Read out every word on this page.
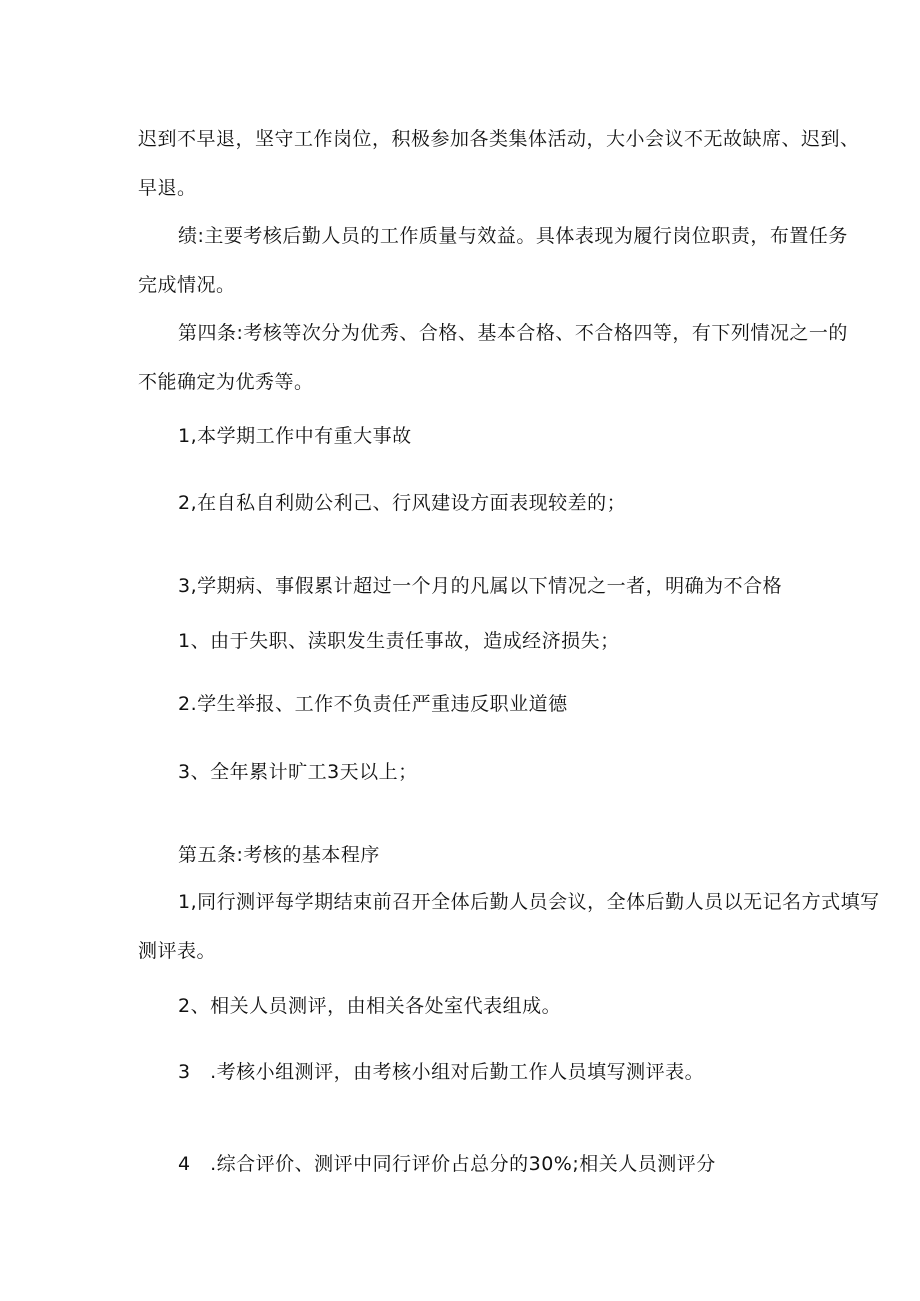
迟到不早退，坚守工作岗位，积极参加各类集体活动，大小会议不无故缺席、迟到、
早退。
绩:主要考核后勤人员的工作质量与效益。具体表现为履行岗位职责，布置任务
完成情况。
第四条:考核等次分为优秀、合格、基本合格、不合格四等，有下列情况之一的
不能确定为优秀等。
1,本学期工作中有重大事故
2,在自私自利勋公利己、行风建设方面表现较差的；
3,学期病、事假累计超过一个月的凡属以下情况之一者，明确为不合格
1、由于失职、渎职发生责任事故，造成经济损失；
2.学生举报、工作不负责任严重违反职业道德
3、全年累计旷工3天以上；
第五条:考核的基本程序
1,同行测评每学期结束前召开全体后勤人员会议，全体后勤人员以无记名方式填写
测评表。
2、相关人员测评，由相关各处室代表组成。
3　.考核小组测评，由考核小组对后勤工作人员填写测评表。
4　.综合评价、测评中同行评价占总分的30%;相关人员测评分
